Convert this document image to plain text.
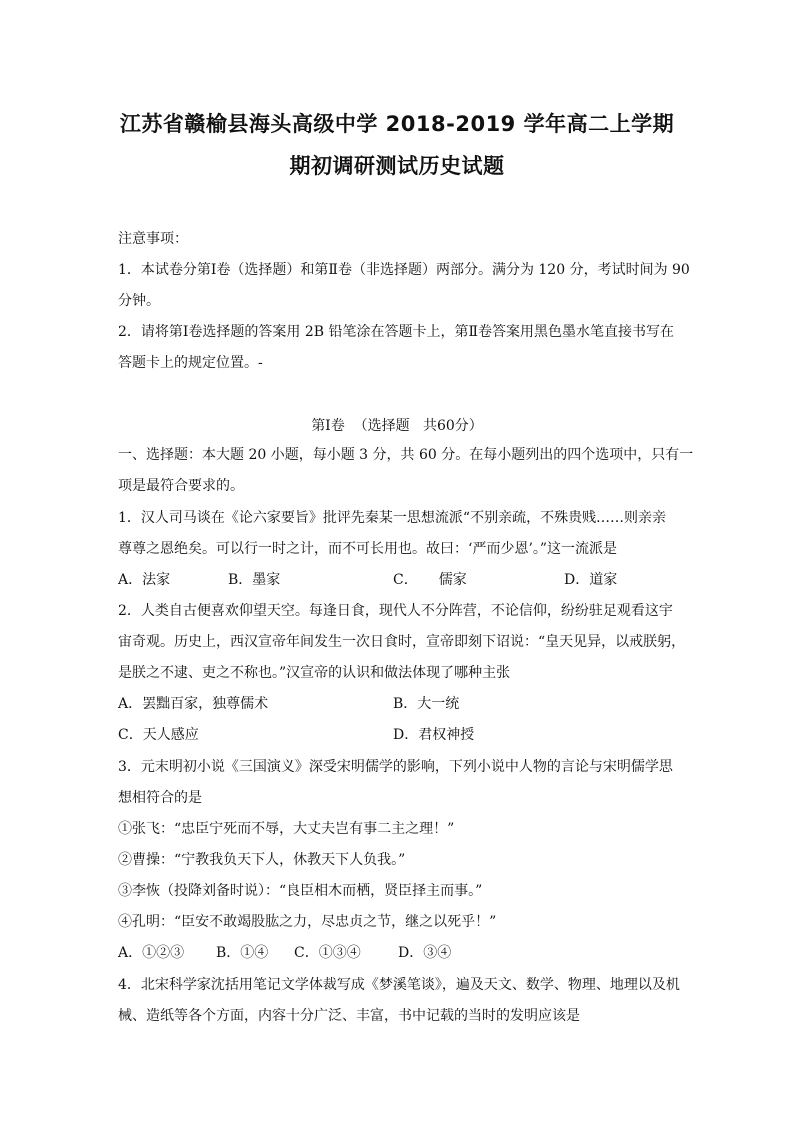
江苏省赣榆县海头高级中学 2018-2019 学年高二上学期
期初调研测试历史试题
注意事项：
1．本试卷分第Ⅰ卷（选择题）和第Ⅱ卷（非选择题）两部分。满分为 120 分，考试时间为 90
分钟。
2．请将第Ⅰ卷选择题的答案用 2B 铅笔涂在答题卡上，第Ⅱ卷答案用黑色墨水笔直接书写在
答题卡上的规定位置。-
第Ⅰ卷  （选择题   共60分）
一、选择题：本大题 20 小题，每小题 3 分，共 60 分。在每小题列出的四个选项中，只有一
项是最符合要求的。
1．汉人司马谈在《论六家要旨》批评先秦某一思想流派“不别亲疏，不殊贵贱……则亲亲
尊尊之恩绝矣。可以行一时之计，而不可长用也。故曰：‘严而少恩’。”这一流派是
A．法家	B．墨家	C．　　儒家	D．道家
2．人类自古便喜欢仰望天空。每逢日食，现代人不分阵营，不论信仰，纷纷驻足观看这宇
宙奇观。历史上，西汉宣帝年间发生一次日食时，宣帝即刻下诏说：“皇天见异，以戒朕躬，
是朕之不逮、吏之不称也。”汉宣帝的认识和做法体现了哪种主张
A．罢黜百家，独尊儒术	B．大一统
C．天人感应	D．君权神授
3．元末明初小说《三国演义》深受宋明儒学的影响，下列小说中人物的言论与宋明儒学思
想相符合的是
①张飞：“忠臣宁死而不辱，大丈夫岂有事二主之理！”
②曹操：“宁教我负天下人，休教天下人负我。”
③李恢（投降刘备时说）：“良臣相木而栖，贤臣择主而事。”
④孔明：“臣安不敢竭股肱之力，尽忠贞之节，继之以死乎！”
A．①②③ B．①④ C．①③④	D．③④
4．北宋科学家沈括用笔记文学体裁写成《梦溪笔谈》，遍及天文、数学、物理、地理以及机
械、造纸等各个方面，内容十分广泛、丰富，书中记载的当时的发明应该是
